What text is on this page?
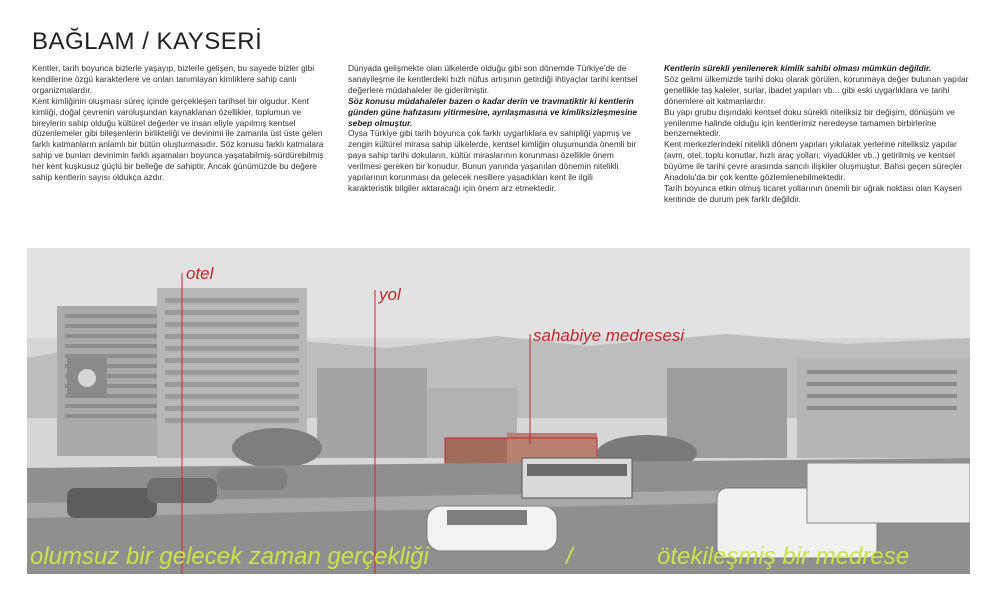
BAĞLAM / KAYSERİ

Kentler, tarih boyunca bizlerle yaşayıp, bizlerle gelişen, bu sayede bizler gibi kendilerine özgü karakterlere ve onları tanımlayan kimliklere sahip canlı organizmalardır.

Kent kimliğinin oluşması süreç içinde gerçekleşen tarihsel bir olgudur. Kent kimliği, doğal çevrenin varoluşundan kaynaklanan özellikler, toplumun ve bireylerin sahip olduğu kültürel değerler ve insan eliyle yapılmış kentsel düzenlemeler gibi bileşenlerin birlikteliği ve devinimi ile zamanla üst üste gelen farklı katmanların anlamlı bir bütün oluşturmasıdır. Söz konusu farklı katmalara sahip ve bunları devinimin farklı aşamaları boyunca yaşatabilmiş-sürdürebilmiş her kent kuşkusuz güçlü bir belleğe de sahiptir. Ancak günümüzde bu değere sahip kentlerin sayısı oldukça azdır.

Dünyada gelişmekte olan ülkelerde olduğu gibi son dönemde Türkiye'de de sanayileşme ile kentlerdeki hızlı nüfus artışının getirdiği ihtiyaçlar tarihi kentsel değerlere müdahaleler ile giderilmiştir.

Söz konusu müdahaleler bazen o kadar derin ve travmatiktir ki kentlerin günden güne hafızasını yitirmesine, ayrılaşmasına ve kimliksizleşmesine sebep olmuştur.

Oysa Türkiye gibi tarih boyunca çok farklı uygarlıklara ev sahipliği yapmış ve zengin kültürel mirasa sahip ülkelerde, kentsel kimliğin oluşumunda önemli bir paya sahip tarihi dokuların, kültür miraslarının korunması özellikle önem verilmesi gereken bir konudur. Bunun yanında yaşanılan dönemin nitelikli yapılarının korunması da gelecek nesillere yaşadıkları kent ile ilgili karakteristik bilgiler aktaracağı için önem arz etmektedir.

Kentlerin sürekli yenilenerek kimlik sahibi olması mümkün değildir.

Söz gelimi ülkemizde tarihi doku olarak görülen, korunmaya değer bulunan yapılar genellikle taş kaleler, surlar, ibadet yapıları vb... gibi eski uygarlıklara ve tarihi dönemlere ait katmanlardır.

Bu yapı grubu dışındaki kentsel doku sürekli niteliksiz bir değişim, dönüşüm ve yenilenme halinde olduğu için kentlerimiz neredeyse tamamen birbirlerine benzemektedir.

Kent merkezlerindeki nitelikli dönem yapıları yıkılarak yerlerine niteliksiz yapılar (avm, otel, toplu konutlar, hızlı araç yolları, viyadükler vb..) getirilmiş ve kentsel büyüme ile tarihi çevre arasında sancılı ilişkiler oluşmuştur. Bahsi geçen süreçler Anadolu'da bir çok kentte gözlemlenebilmektedir.

Tarih boyunca etkin olmuş ticaret yollarının önemli bir uğrak noktası olan Kayseri kentinde de durum pek farklı değildir.

otel
yol
sahabiye medresesi
olumsuz bir gelecek zaman gerçekliği	/	ötekileşmiş bir medrese
